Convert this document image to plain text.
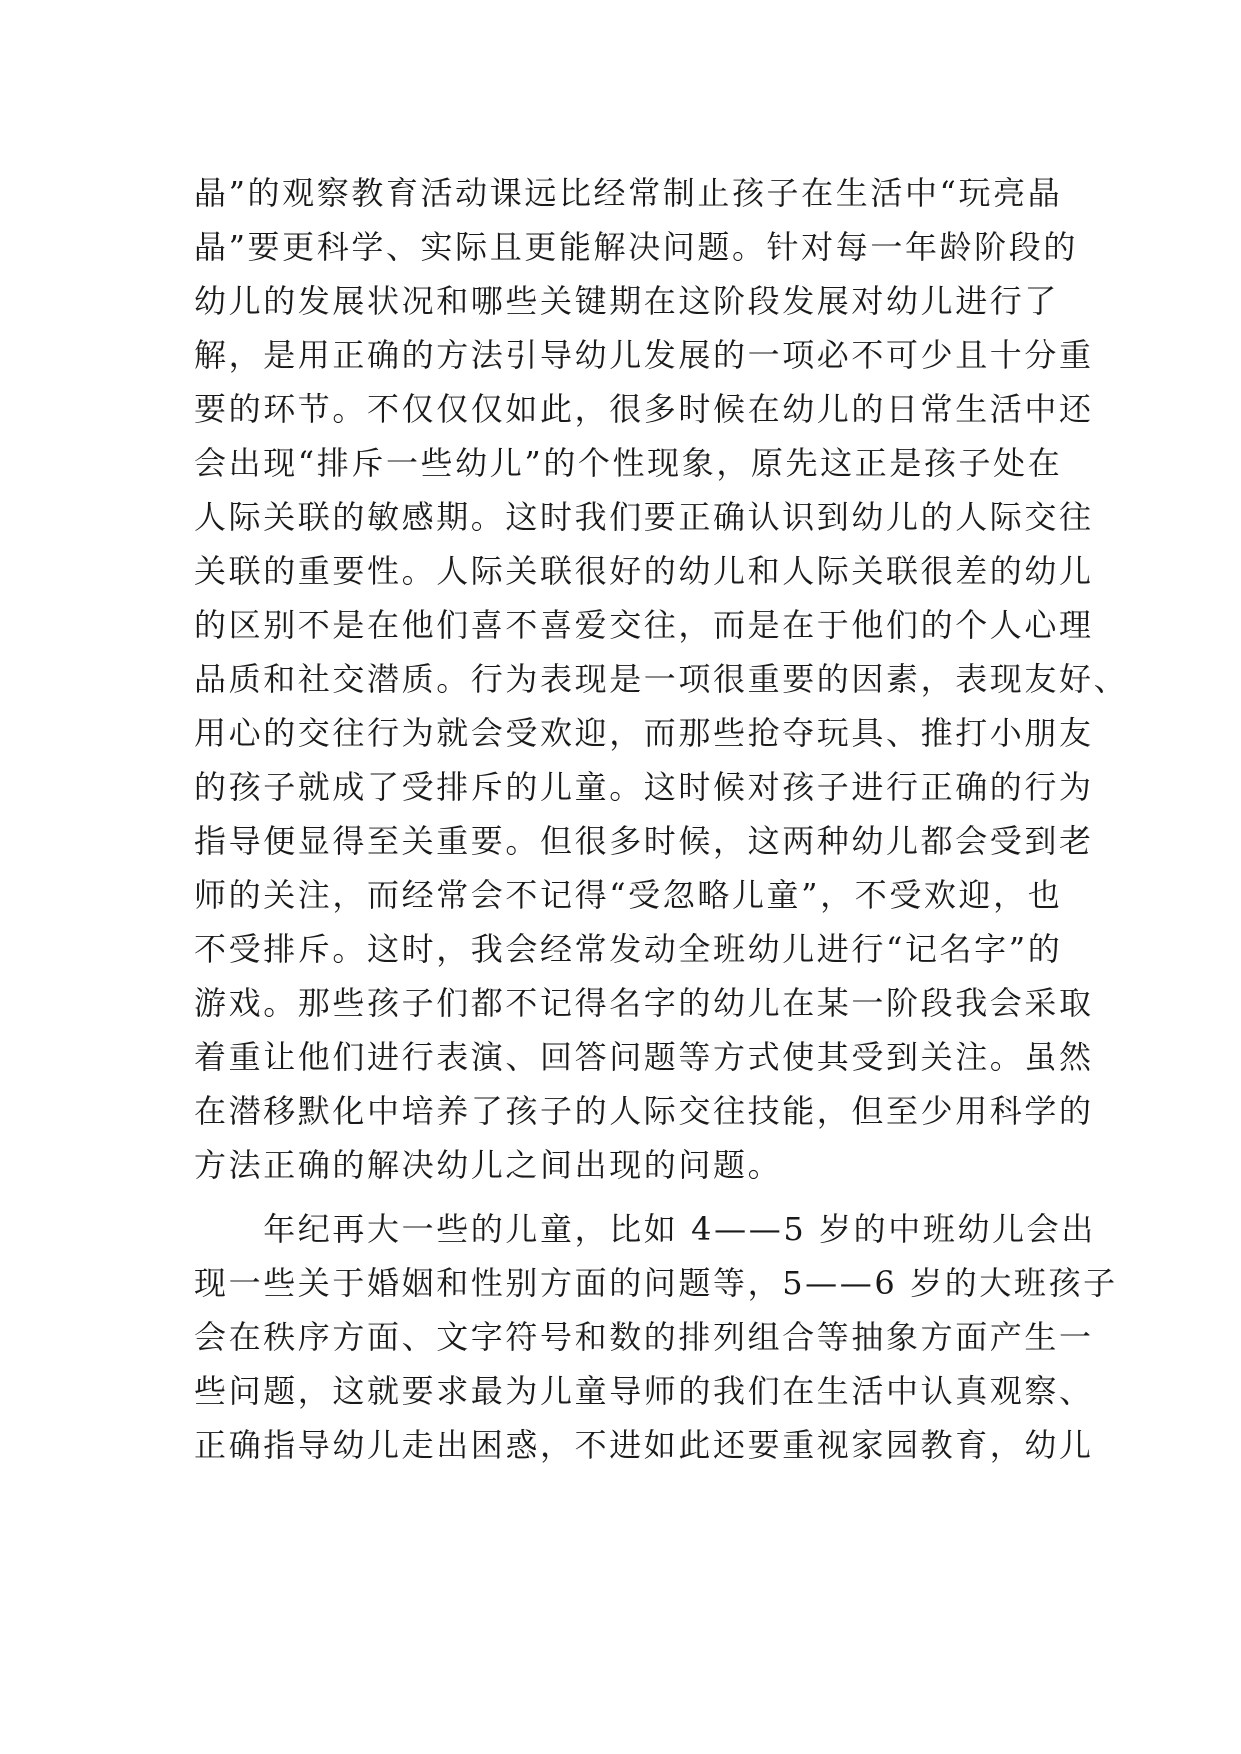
晶”的观察教育活动课远比经常制止孩子在生活中“玩亮晶
晶”要更科学、实际且更能解决问题。针对每一年龄阶段的
幼儿的发展状况和哪些关键期在这阶段发展对幼儿进行了
解，是用正确的方法引导幼儿发展的一项必不可少且十分重
要的环节。不仅仅仅如此，很多时候在幼儿的日常生活中还
会出现“排斥一些幼儿”的个性现象，原先这正是孩子处在
人际关联的敏感期。这时我们要正确认识到幼儿的人际交往
关联的重要性。人际关联很好的幼儿和人际关联很差的幼儿
的区别不是在他们喜不喜爱交往，而是在于他们的个人心理
品质和社交潜质。行为表现是一项很重要的因素，表现友好、
用心的交往行为就会受欢迎，而那些抢夺玩具、推打小朋友
的孩子就成了受排斥的儿童。这时候对孩子进行正确的行为
指导便显得至关重要。但很多时候，这两种幼儿都会受到老
师的关注，而经常会不记得“受忽略儿童”，不受欢迎，也
不受排斥。这时，我会经常发动全班幼儿进行“记名字”的
游戏。那些孩子们都不记得名字的幼儿在某一阶段我会采取
着重让他们进行表演、回答问题等方式使其受到关注。虽然
在潜移默化中培养了孩子的人际交往技能，但至少用科学的
方法正确的解决幼儿之间出现的问题。
　　年纪再大一些的儿童，比如 4——5 岁的中班幼儿会出
现一些关于婚姻和性别方面的问题等，5——6 岁的大班孩子
会在秩序方面、文字符号和数的排列组合等抽象方面产生一
些问题，这就要求最为儿童导师的我们在生活中认真观察、
正确指导幼儿走出困惑，不进如此还要重视家园教育，幼儿
